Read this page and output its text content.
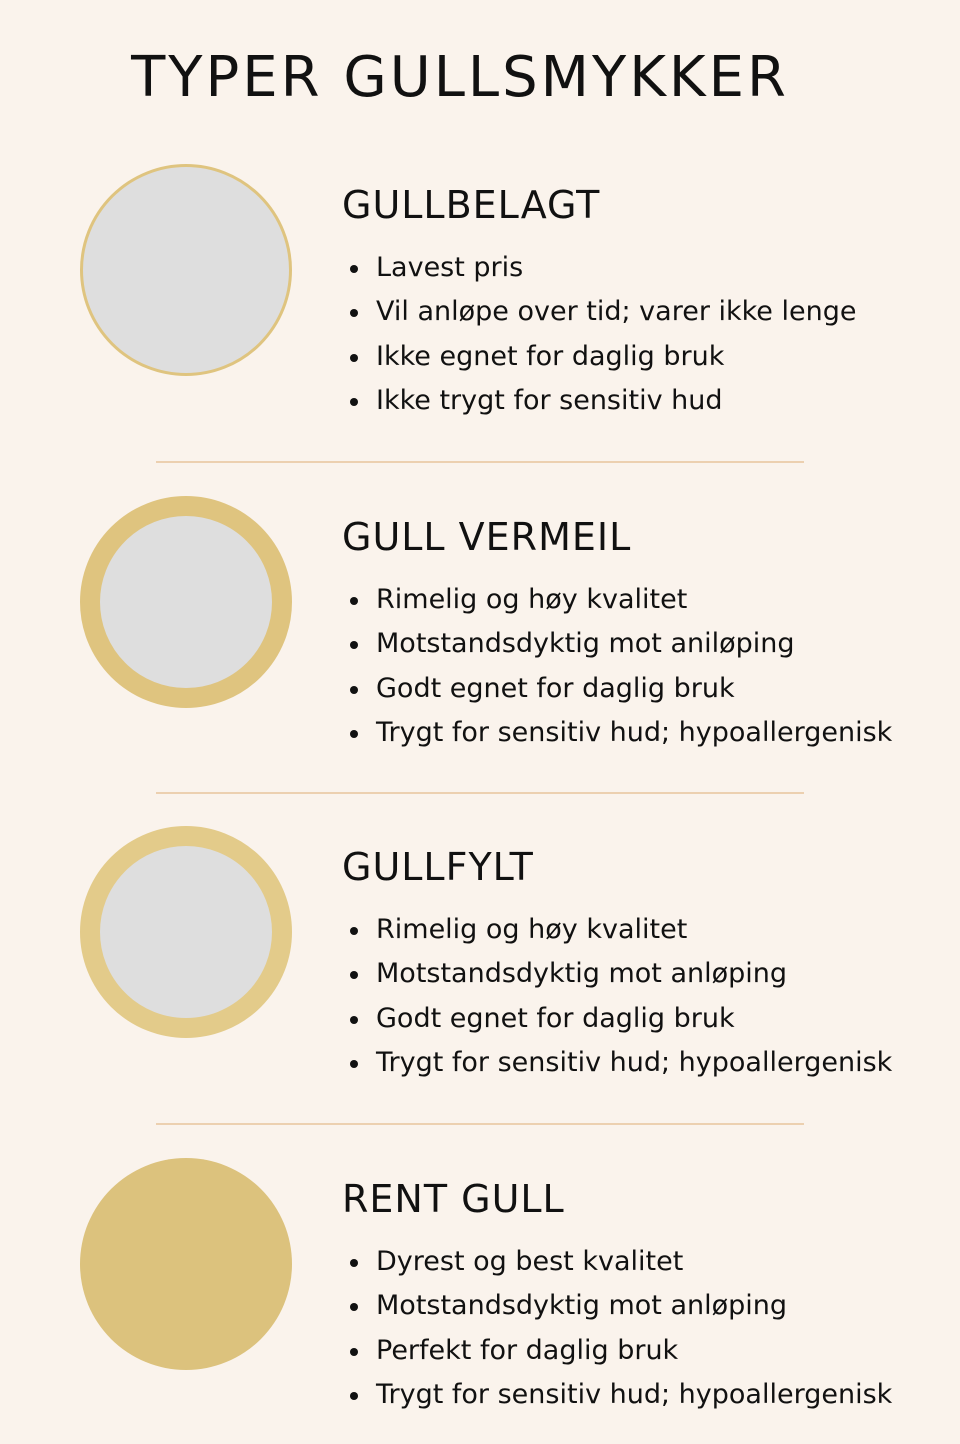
TYPER GULLSMYKKER
GULLBELAGT
Lavest pris
Vil anløpe over tid; varer ikke lenge
Ikke egnet for daglig bruk
Ikke trygt for sensitiv hud
GULL VERMEIL
Rimelig og høy kvalitet
Motstandsdyktig mot aniløping
Godt egnet for daglig bruk
Trygt for sensitiv hud; hypoallergenisk
GULLFYLT
Rimelig og høy kvalitet
Motstandsdyktig mot anløping
Godt egnet for daglig bruk
Trygt for sensitiv hud; hypoallergenisk
RENT GULL
Dyrest og best kvalitet
Motstandsdyktig mot anløping
Perfekt for daglig bruk
Trygt for sensitiv hud; hypoallergenisk
